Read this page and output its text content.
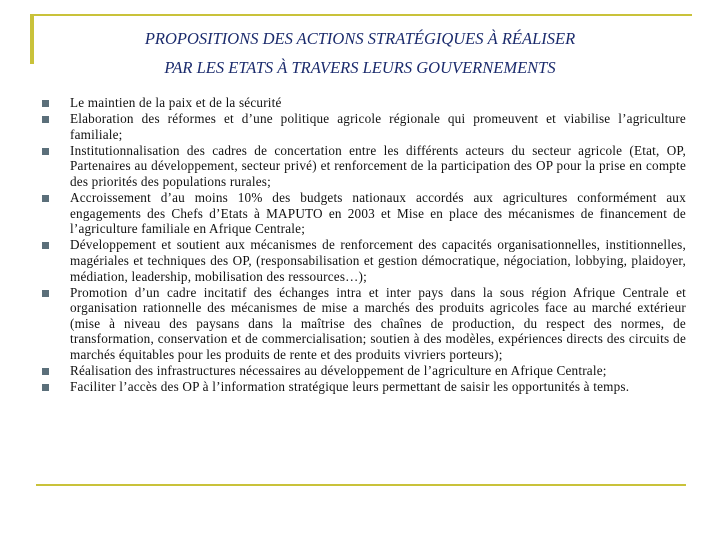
PROPOSITIONS DES ACTIONS STRATÉGIQUES À RÉALISER
PAR LES ETATS À TRAVERS LEURS GOUVERNEMENTS
Le maintien de la paix et de la sécurité
Elaboration des réformes et d’une politique agricole régionale qui promeuvent et viabilise l’agriculture familiale;
Institutionnalisation des cadres de concertation entre les différents acteurs du secteur agricole (Etat, OP, Partenaires au développement, secteur privé) et renforcement de la participation des OP pour la prise en compte des priorités des populations rurales;
Accroissement d’au moins 10% des budgets nationaux accordés aux agricultures conformément aux engagements des Chefs d’Etats à MAPUTO en 2003 et Mise en place des mécanismes de financement de l’agriculture familiale en Afrique Centrale;
Développement et soutient aux mécanismes de renforcement des capacités organisationnelles, institionnelles, magériales et techniques des OP, (responsabilisation et gestion démocratique, négociation, lobbying, plaidoyer, médiation, leadership, mobilisation des ressources…);
Promotion d’un cadre incitatif des échanges intra et inter pays dans la sous région Afrique Centrale et organisation rationnelle des mécanismes de mise a marchés des produits agricoles face au marché extérieur (mise à niveau des paysans dans la maîtrise des chaînes de production, du respect des normes, de transformation, conservation et de commercialisation; soutien à des modèles, expériences directs des circuits de marchés équitables pour les produits de rente et des produits vivriers porteurs);
Réalisation des infrastructures nécessaires au développement de l’agriculture en Afrique Centrale;
Faciliter l’accès des OP à l’information stratégique leurs permettant de saisir les opportunités à temps.
